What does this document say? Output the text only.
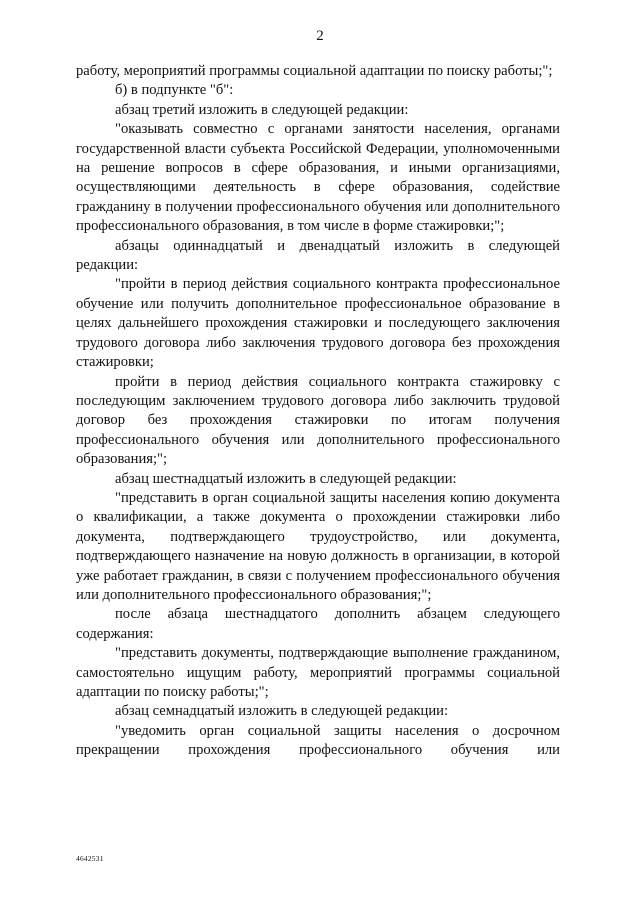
2

работу, мероприятий программы социальной адаптации по поиску работы;";

б) в подпункте "б":

абзац третий изложить в следующей редакции:

"оказывать совместно с органами занятости населения, органами государственной власти субъекта Российской Федерации, уполномоченными на решение вопросов в сфере образования, и иными организациями, осуществляющими деятельность в сфере образования, содействие гражданину в получении профессионального обучения или дополнительного профессионального образования, в том числе в форме стажировки;";

абзацы одиннадцатый и двенадцатый изложить в следующей редакции:

"пройти в период действия социального контракта профессиональное обучение или получить дополнительное профессиональное образование в целях дальнейшего прохождения стажировки и последующего заключения трудового договора либо заключения трудового договора без прохождения стажировки;

пройти в период действия социального контракта стажировку с последующим заключением трудового договора либо заключить трудовой договор без прохождения стажировки по итогам получения профессионального обучения или дополнительного профессионального образования;";

абзац шестнадцатый изложить в следующей редакции:

"представить в орган социальной защиты населения копию документа о квалификации, а также документа о прохождении стажировки либо документа, подтверждающего трудоустройство, или документа, подтверждающего назначение на новую должность в организации, в которой уже работает гражданин, в связи с получением профессионального обучения или дополнительного профессионального образования;";

после абзаца шестнадцатого дополнить абзацем следующего содержания:

"представить документы, подтверждающие выполнение гражданином, самостоятельно ищущим работу, мероприятий программы социальной адаптации по поиску работы;";

абзац семнадцатый изложить в следующей редакции:

"уведомить орган социальной защиты населения о досрочном прекращении прохождения профессионального обучения или

4642531
